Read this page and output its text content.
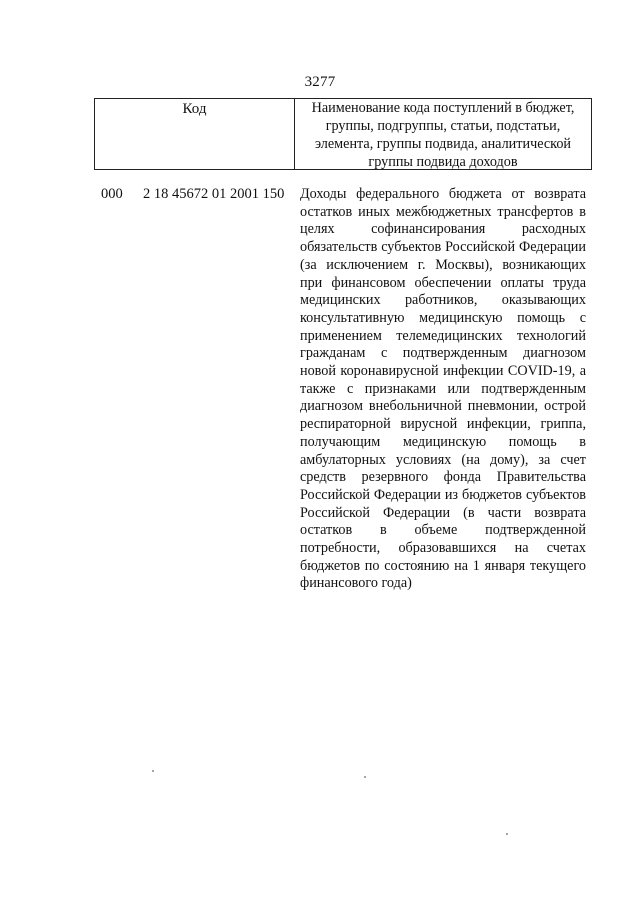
3277
Код	Наименование кода поступлений в бюджет, группы, подгруппы, статьи, подстатьи, элемента, группы подвида, аналитической группы подвида доходов
000 2 18 45672 01 2001 150 Доходы федерального бюджета от возврата остатков иных межбюджетных трансфертов в целях софинансирования расходных обязательств субъектов Российской Федерации (за исключением г. Москвы), возникающих при финансовом обеспечении оплаты труда медицинских работников, оказывающих консультативную медицинскую помощь с применением телемедицинских технологий гражданам с подтвержденным диагнозом новой коронавирусной инфекции COVID-19, а также с признаками или подтвержденным диагнозом внебольничной пневмонии, острой респираторной вирусной инфекции, гриппа, получающим медицинскую помощь в амбулаторных условиях (на дому), за счет средств резервного фонда Правительства Российской Федерации из бюджетов субъектов Российской Федерации (в части возврата остатков в объеме подтвержденной потребности, образовавшихся на счетах бюджетов по состоянию на 1 января текущего финансового года)
